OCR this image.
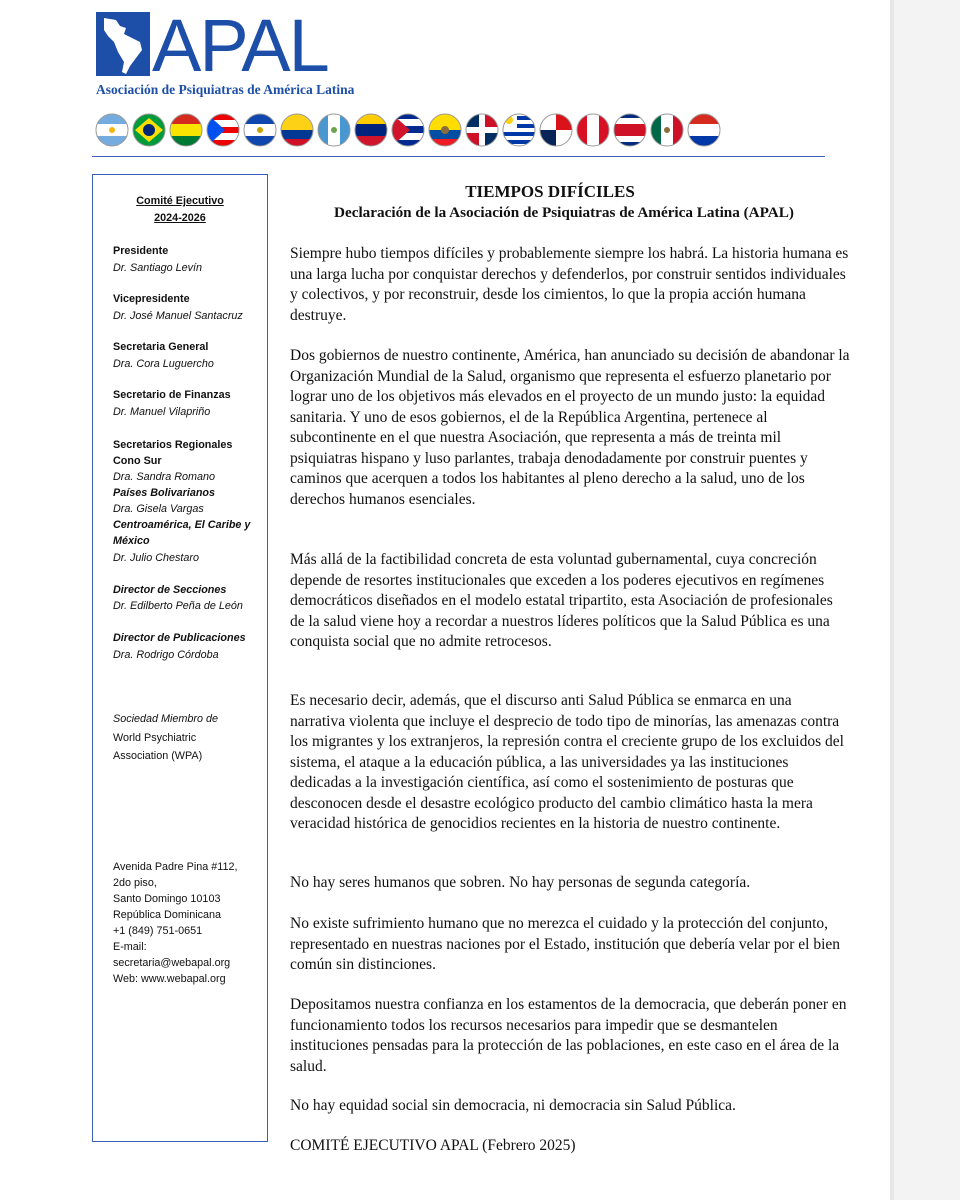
APAL
Asociación de Psiquiatras de América Latina
Comité Ejecutivo
2024-2026
Presidente
Dr. Santiago Levín
Vicepresidente
Dr. José Manuel Santacruz
Secretaria General
Dra. Cora Luguercho
Secretario de Finanzas
Dr. Manuel Vilapriño
Secretarios Regionales
Cono Sur
Dra. Sandra Romano
Países Bolivarianos
Dra. Gisela Vargas
Centroamérica, El Caribe y
México
Dr. Julio Chestaro
Director de Secciones
Dr. Edilberto Peña de León
Director de Publicaciones
Dra. Rodrigo Córdoba
Sociedad Miembro de
World Psychiatric
Association (WPA)
Avenida Padre Pina #112,
2do piso,
Santo Domingo 10103
República Dominicana
+1 (849) 751-0651
E-mail:
secretaria@webapal.org
Web: www.webapal.org
TIEMPOS DIFÍCILES
Declaración de la Asociación de Psiquiatras de América Latina (APAL)

Siempre hubo tiempos difíciles y probablemente siempre los habrá. La historia humana es una larga lucha por conquistar derechos y defenderlos, por construir sentidos individuales y colectivos, y por reconstruir, desde los cimientos, lo que la propia acción humana destruye.

Dos gobiernos de nuestro continente, América, han anunciado su decisión de abandonar la Organización Mundial de la Salud, organismo que representa el esfuerzo planetario por lograr uno de los objetivos más elevados en el proyecto de un mundo justo: la equidad sanitaria. Y uno de esos gobiernos, el de la República Argentina, pertenece al subcontinente en el que nuestra Asociación, que representa a más de treinta mil psiquiatras hispano y luso parlantes, trabaja denodadamente por construir puentes y caminos que acerquen a todos los habitantes al pleno derecho a la salud, uno de los derechos humanos esenciales.

Más allá de la factibilidad concreta de esta voluntad gubernamental, cuya concreción depende de resortes institucionales que exceden a los poderes ejecutivos en regímenes democráticos diseñados en el modelo estatal tripartito, esta Asociación de profesionales de la salud viene hoy a recordar a nuestros líderes políticos que la Salud Pública es una conquista social que no admite retrocesos.

Es necesario decir, además, que el discurso anti Salud Pública se enmarca en una narrativa violenta que incluye el desprecio de todo tipo de minorías, las amenazas contra los migrantes y los extranjeros, la represión contra el creciente grupo de los excluidos del sistema, el ataque a la educación pública, a las universidades ya las instituciones dedicadas a la investigación científica, así como el sostenimiento de posturas que desconocen desde el desastre ecológico producto del cambio climático hasta la mera veracidad histórica de genocidios recientes en la historia de nuestro continente.

No hay seres humanos que sobren. No hay personas de segunda categoría.

No existe sufrimiento humano que no merezca el cuidado y la protección del conjunto, representado en nuestras naciones por el Estado, institución que debería velar por el bien común sin distinciones.

Depositamos nuestra confianza en los estamentos de la democracia, que deberán poner en funcionamiento todos los recursos necesarios para impedir que se desmantelen instituciones pensadas para la protección de las poblaciones, en este caso en el área de la salud.

No hay equidad social sin democracia, ni democracia sin Salud Pública.

COMITÉ EJECUTIVO APAL (Febrero 2025)
